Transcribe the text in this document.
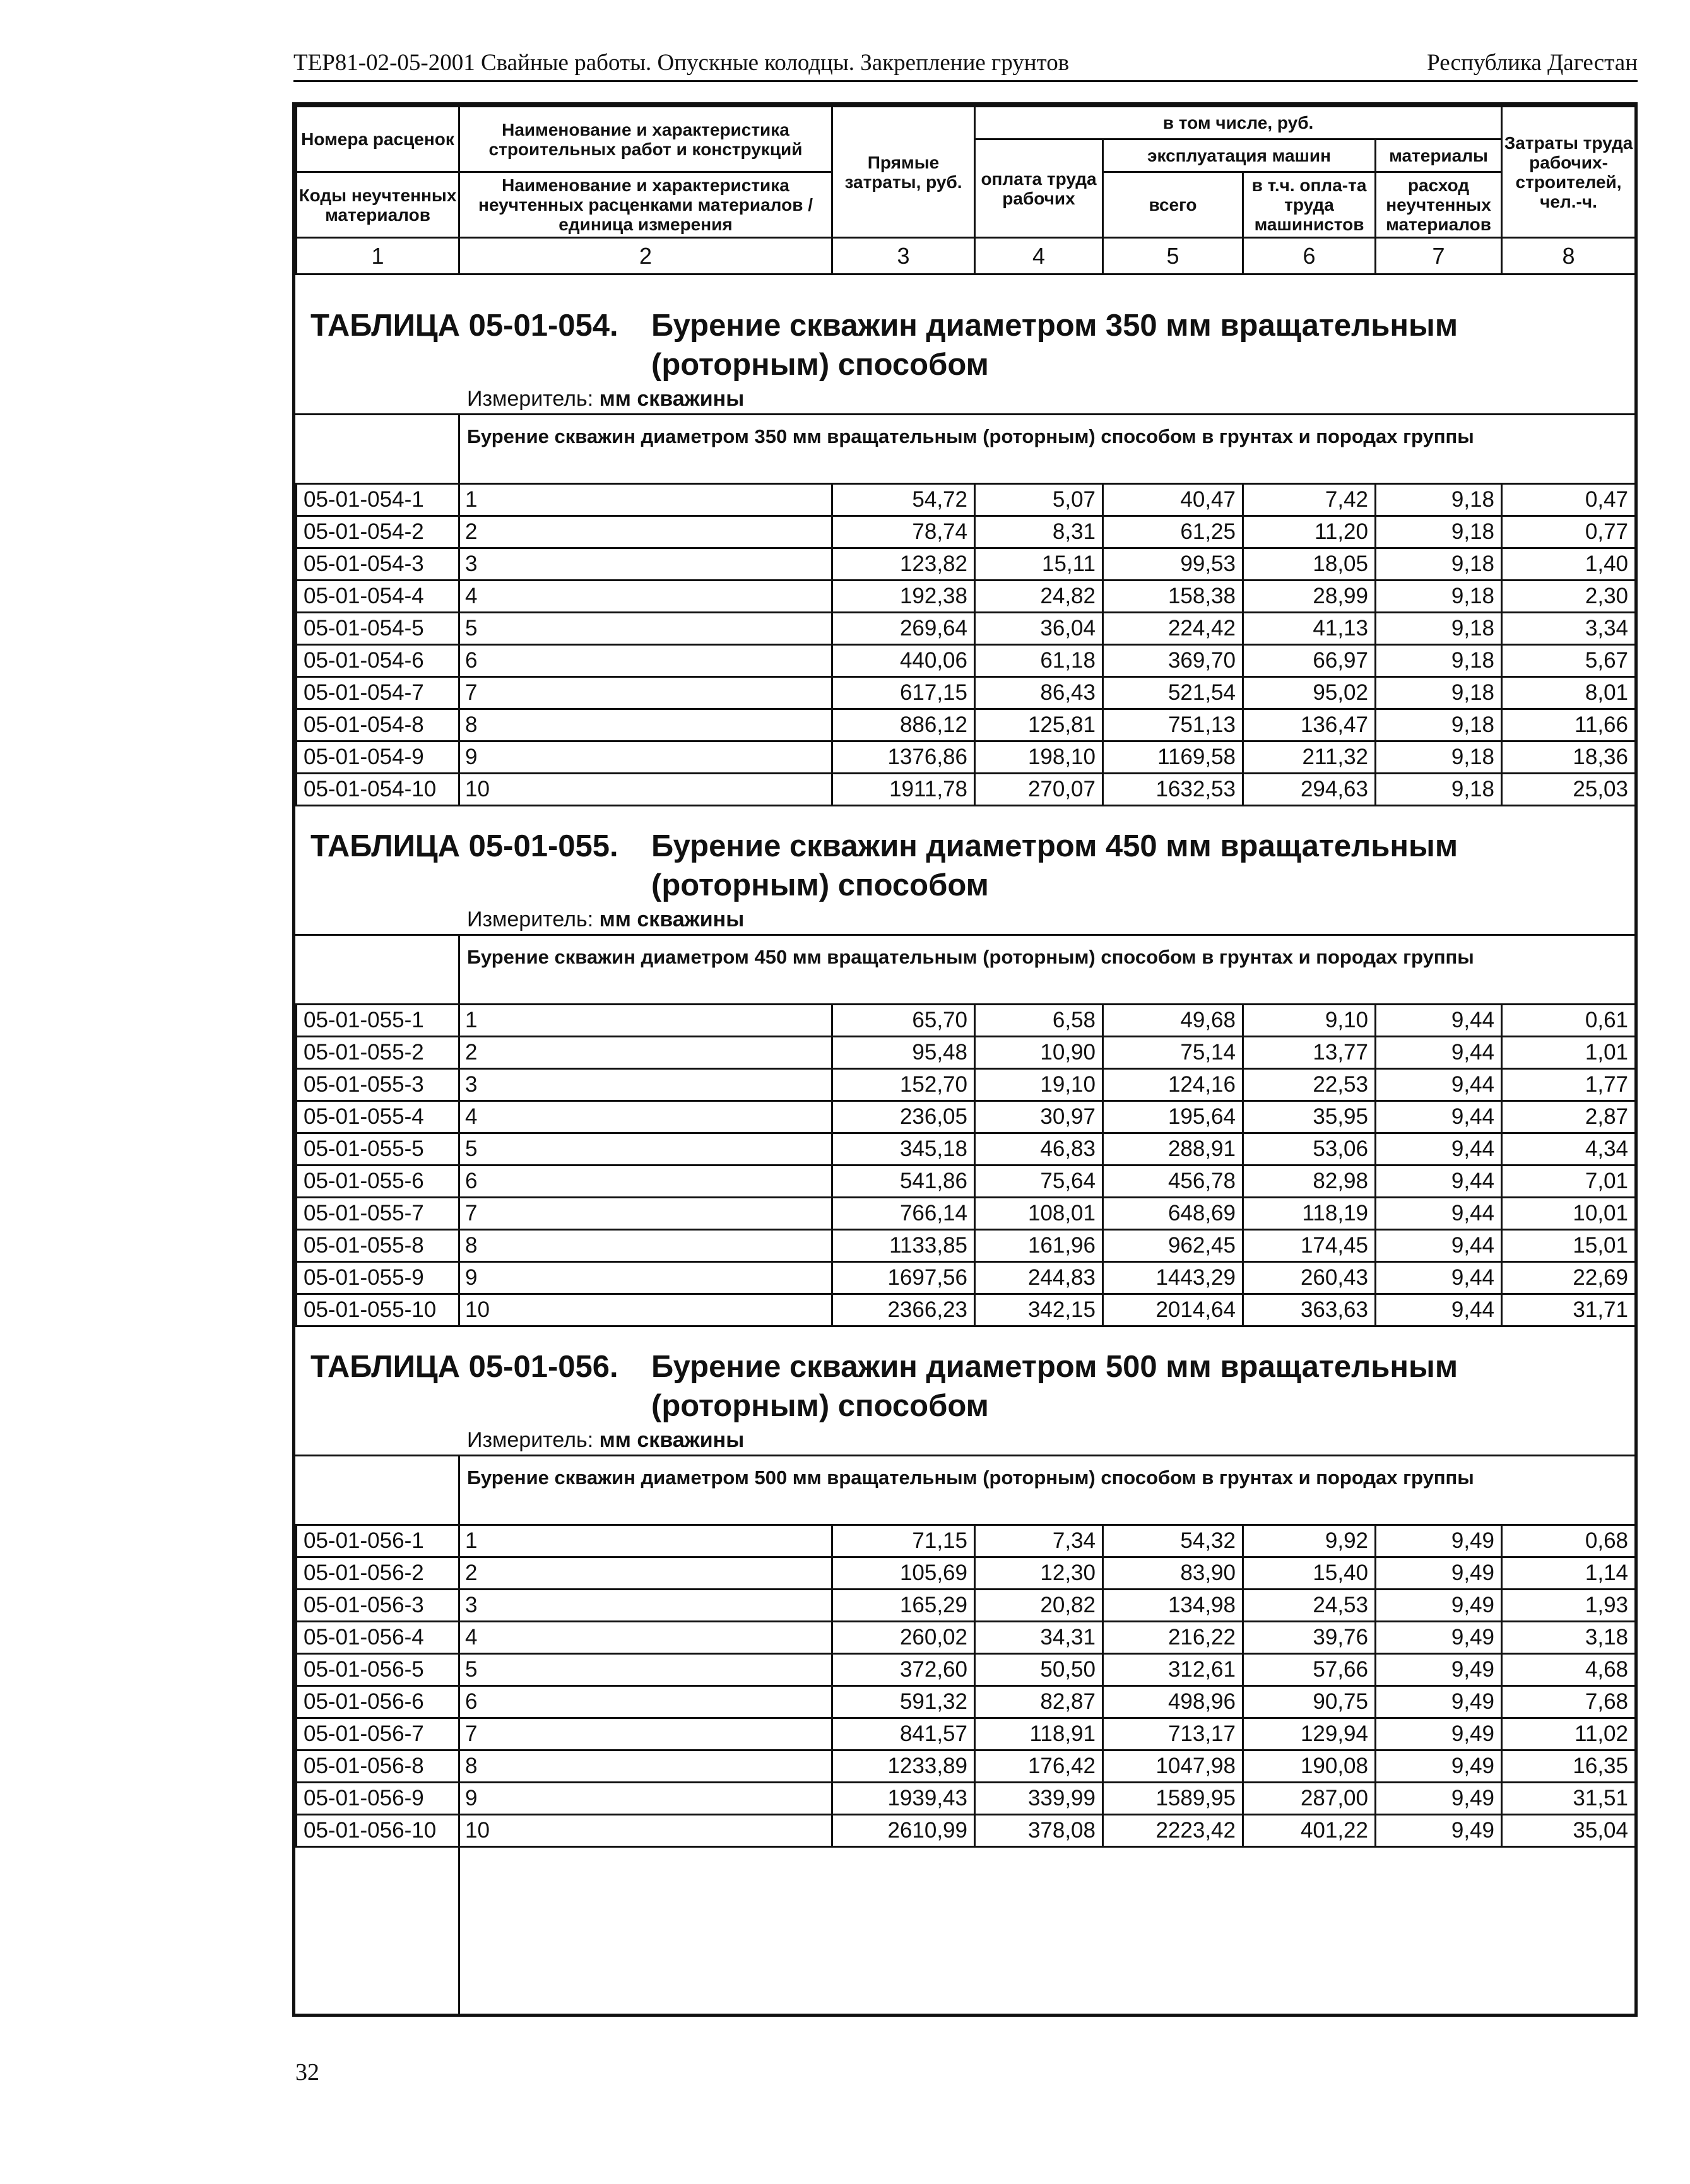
ТЕР81-02-05-2001 Свайные работы. Опускные колодцы. Закрепление грунтов	Республика Дагестан
Номера расценок	Наименование и характеристика строительных работ и конструкций	Прямые затраты, руб.	в том числе, руб.				Затраты труда рабочих-строителей, чел.-ч.
			оплата труда рабочих	эксплуатация машин		материалы	
Коды неучтенных материалов	Наименование и характеристика неучтенных расценками материалов / единица измерения			всего	в т.ч. опла-та труда машинистов	расход неучтенных материалов	

1	2	3	4	5	6	7	8
ТАБЛИЦА 05-01-054. Бурение скважин диаметром 350 мм вращательным (роторным) способом
Измеритель: мм скважины
Бурение скважин диаметром 350 мм вращательным (роторным) способом в грунтах и породах группы
05-01-054-1	1	54,72	5,07	40,47	7,42	9,18	0,47
05-01-054-2	2	78,74	8,31	61,25	11,20	9,18	0,77
05-01-054-3	3	123,82	15,11	99,53	18,05	9,18	1,40
05-01-054-4	4	192,38	24,82	158,38	28,99	9,18	2,30
05-01-054-5	5	269,64	36,04	224,42	41,13	9,18	3,34
05-01-054-6	6	440,06	61,18	369,70	66,97	9,18	5,67
05-01-054-7	7	617,15	86,43	521,54	95,02	9,18	8,01
05-01-054-8	8	886,12	125,81	751,13	136,47	9,18	11,66
05-01-054-9	9	1376,86	198,10	1169,58	211,32	9,18	18,36
05-01-054-10	10	1911,78	270,07	1632,53	294,63	9,18	25,03
ТАБЛИЦА 05-01-055. Бурение скважин диаметром 450 мм вращательным (роторным) способом
Измеритель: мм скважины
Бурение скважин диаметром 450 мм вращательным (роторным) способом в грунтах и породах группы
05-01-055-1	1	65,70	6,58	49,68	9,10	9,44	0,61
05-01-055-2	2	95,48	10,90	75,14	13,77	9,44	1,01
05-01-055-3	3	152,70	19,10	124,16	22,53	9,44	1,77
05-01-055-4	4	236,05	30,97	195,64	35,95	9,44	2,87
05-01-055-5	5	345,18	46,83	288,91	53,06	9,44	4,34
05-01-055-6	6	541,86	75,64	456,78	82,98	9,44	7,01
05-01-055-7	7	766,14	108,01	648,69	118,19	9,44	10,01
05-01-055-8	8	1133,85	161,96	962,45	174,45	9,44	15,01
05-01-055-9	9	1697,56	244,83	1443,29	260,43	9,44	22,69
05-01-055-10	10	2366,23	342,15	2014,64	363,63	9,44	31,71
ТАБЛИЦА 05-01-056. Бурение скважин диаметром 500 мм вращательным (роторным) способом
Измеритель: мм скважины
Бурение скважин диаметром 500 мм вращательным (роторным) способом в грунтах и породах группы
05-01-056-1	1	71,15	7,34	54,32	9,92	9,49	0,68
05-01-056-2	2	105,69	12,30	83,90	15,40	9,49	1,14
05-01-056-3	3	165,29	20,82	134,98	24,53	9,49	1,93
05-01-056-4	4	260,02	34,31	216,22	39,76	9,49	3,18
05-01-056-5	5	372,60	50,50	312,61	57,66	9,49	4,68
05-01-056-6	6	591,32	82,87	498,96	90,75	9,49	7,68
05-01-056-7	7	841,57	118,91	713,17	129,94	9,49	11,02
05-01-056-8	8	1233,89	176,42	1047,98	190,08	9,49	16,35
05-01-056-9	9	1939,43	339,99	1589,95	287,00	9,49	31,51
05-01-056-10	10	2610,99	378,08	2223,42	401,22	9,49	35,04
32
